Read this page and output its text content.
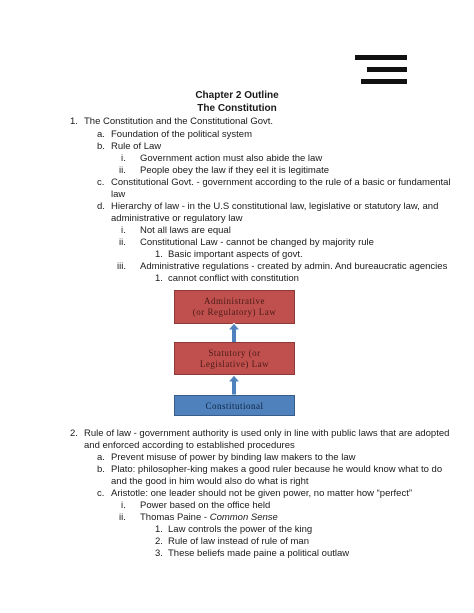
Chapter 2 Outline
The Constitution
1. The Constitution and the Constitutional Govt.
a. Foundation of the political system
b. Rule of Law
i. Government action must also abide the law
ii. People obey the law if they eel it is legitimate
c. Constitutional Govt. - government according to the rule of a basic or fundamental
law
d. Hierarchy of law - in the U.S constitutional law, legislative or statutory law, and
administrative or regulatory law
i. Not all laws are equal
ii. Constitutional Law - cannot be changed by majority rule
1. Basic important aspects of govt.
iii. Administrative regulations - created by admin. And bureaucratic agencies
1. cannot conflict with constitution
Administrative
(or Regulatory) Law
Statutory (or
Legislative) Law
Constitutional
2. Rule of law - government authority is used only in line with public laws that are adopted
and enforced according to established procedures
a. Prevent misuse of power by binding law makers to the law
b. Plato: philosopher-king makes a good ruler because he would know what to do
and the good in him would also do what is right
c. Aristotle: one leader should not be given power, no matter how “perfect”
i. Power based on the office held
ii. Thomas Paine - Common Sense
1. Law controls the power of the king
2. Rule of law instead of rule of man
3. These beliefs made paine a political outlaw
